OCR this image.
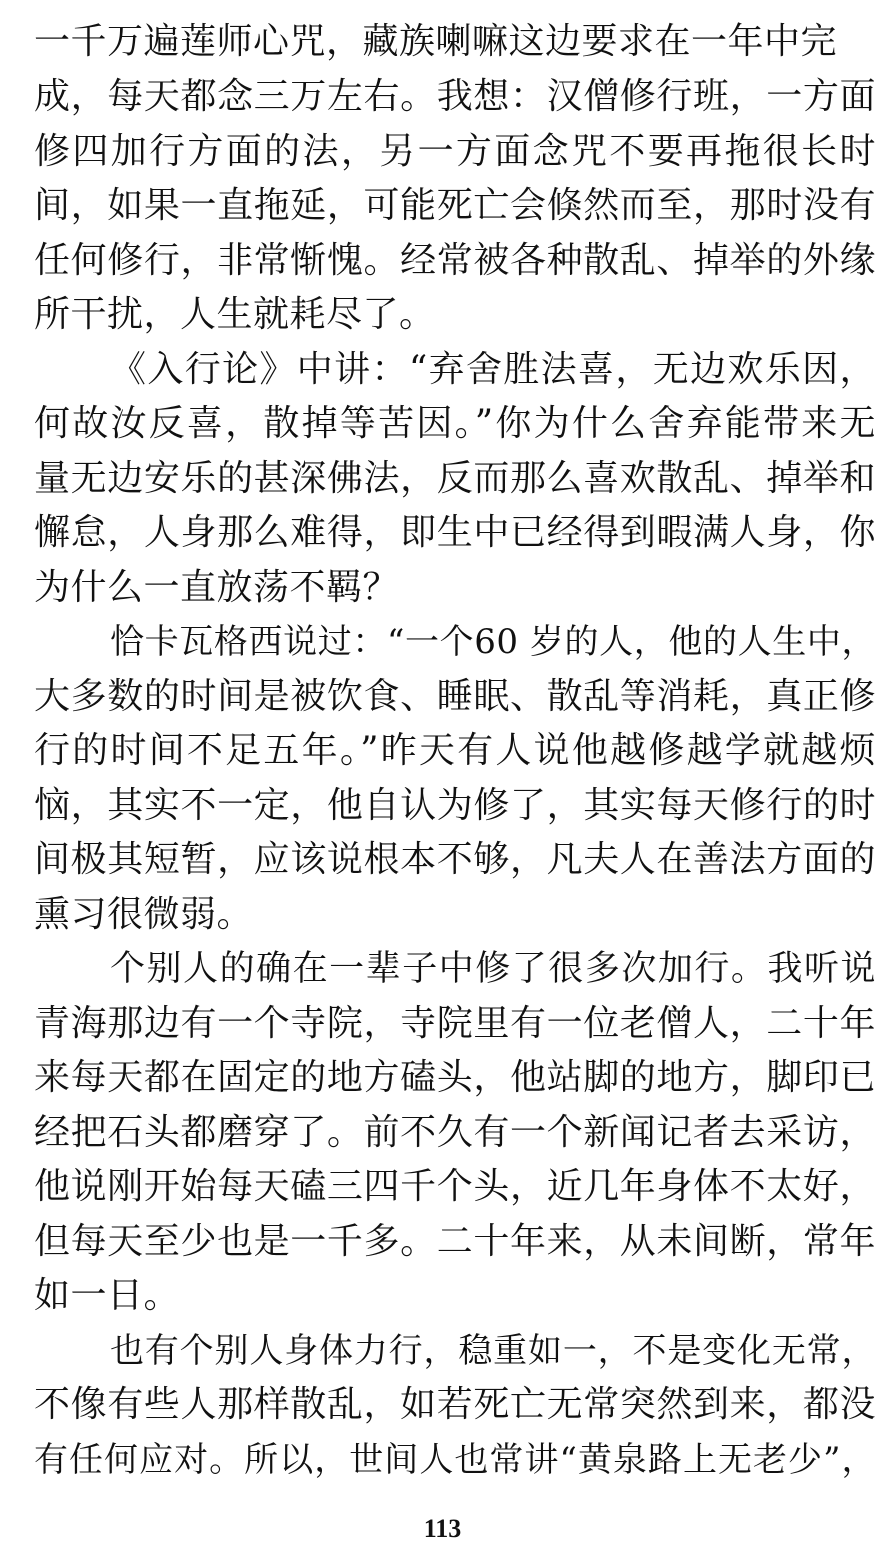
一千万遍莲师心咒，藏族喇嘛这边要求在一年中完
成，每天都念三万左右。我想：汉僧修行班，一方面
修四加行方面的法，另一方面念咒不要再拖很长时
间，如果一直拖延，可能死亡会倏然而至，那时没有
任何修行，非常惭愧。经常被各种散乱、掉举的外缘
所干扰，人生就耗尽了。
《入行论》中讲：“弃舍胜法喜，无边欢乐因，
何故汝反喜，散掉等苦因。”你为什么舍弃能带来无
量无边安乐的甚深佛法，反而那么喜欢散乱、掉举和
懈怠，人身那么难得，即生中已经得到暇满人身，你
为什么一直放荡不羁？
恰卡瓦格西说过：“一个60 岁的人，他的人生中，
大多数的时间是被饮食、睡眠、散乱等消耗，真正修
行的时间不足五年。”昨天有人说他越修越学就越烦
恼，其实不一定，他自认为修了，其实每天修行的时
间极其短暂，应该说根本不够，凡夫人在善法方面的
熏习很微弱。
个别人的确在一辈子中修了很多次加行。我听说
青海那边有一个寺院，寺院里有一位老僧人，二十年
来每天都在固定的地方磕头，他站脚的地方，脚印已
经把石头都磨穿了。前不久有一个新闻记者去采访，
他说刚开始每天磕三四千个头，近几年身体不太好，
但每天至少也是一千多。二十年来，从未间断，常年
如一日。
也有个别人身体力行，稳重如一，不是变化无常，
不像有些人那样散乱，如若死亡无常突然到来，都没
有任何应对。所以，世间人也常讲“黄泉路上无老少”，
113
